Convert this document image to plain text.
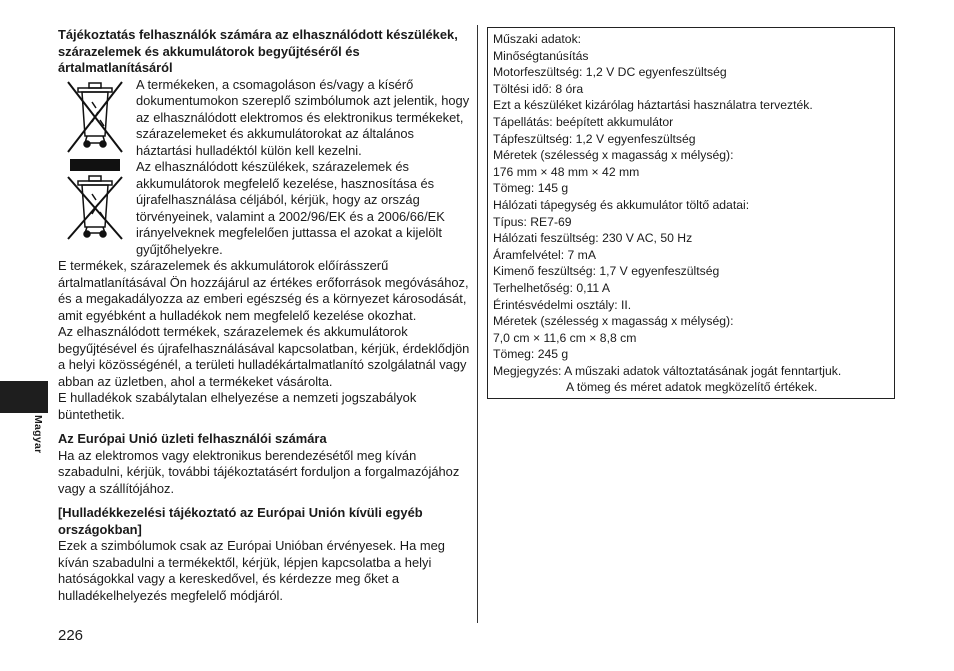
Tájékoztatás felhasználók számára az elhasználódott készülékek, szárazelemek és akkumulátorok begyűjtéséről és ártalmatlanításáról

A termékeken, a csomagoláson és/vagy a kísérő dokumentumokon szereplő szimbólumok azt jelentik, hogy az elhasználódott elektromos és elektronikus termékeket, szárazelemeket és akkumulátorokat az általános háztartási hulladéktól külön kell kezelni.

Az elhasználódott készülékek, szárazelemek és akkumulátorok megfelelő kezelése, hasznosítása és újrafelhasználása céljából, kérjük, hogy az ország törvényeinek, valamint a 2002/96/EK és a 2006/66/EK irányelveknek megfelelően juttassa el azokat a kijelölt gyűjtőhelyekre.

E termékek, szárazelemek és akkumulátorok előírásszerű ártalmatlanításával Ön hozzájárul az értékes erőforrások megóvásához, és a megakadályozza az emberi egészség és a környezet károsodását, amit egyébként a hulladékok nem megfelelő kezelése okozhat.

Az elhasználódott termékek, szárazelemek és akkumulátorok begyűjtésével és újrafelhasználásával kapcsolatban, kérjük, érdeklődjön a helyi közösségénél, a területi hulladékártalmatlanító szolgálatnál vagy abban az üzletben, ahol a termékeket vásárolta.

E hulladékok szabálytalan elhelyezése a nemzeti jogszabályok büntethetik.

Az Európai Unió üzleti felhasználói számára

Ha az elektromos vagy elektronikus berendezésétől meg kíván szabadulni, kérjük, további tájékoztatásért forduljon a forgalmazójához vagy a szállítójához.

[Hulladékkezelési tájékoztató az Európai Unión kívüli egyéb országokban]

Ezek a szimbólumok csak az Európai Unióban érvényesek. Ha meg kíván szabadulni a termékektől, kérjük, lépjen kapcsolatba a helyi hatóságokkal vagy a kereskedővel, és kérdezze meg őket a hulladékelhelyezés megfelelő módjáról.

Műszaki adatok:
Minőségtanúsítás
Motorfeszültség: 1,2 V DC egyenfeszültség
Töltési idő: 8 óra
Ezt a készüléket kizárólag háztartási használatra tervezték.
Tápellátás: beépített akkumulátor
Tápfeszültség: 1,2 V egyenfeszültség
Méretek (szélesség x magasság x mélység):
176 mm × 48 mm × 42 mm
Tömeg: 145 g
Hálózati tápegység és akkumulátor töltő adatai:
Típus: RE7-69
Hálózati feszültség: 230 V AC, 50 Hz
Áramfelvétel: 7 mA
Kimenő feszültség: 1,7 V egyenfeszültség
Terhelhetőség: 0,11 A
Érintésvédelmi osztály: II.
Méretek (szélesség x magasság x mélység):
7,0 cm × 11,6 cm × 8,8 cm
Tömeg: 245 g
Megjegyzés: A műszaki adatok változtatásának jogát fenntartjuk.
A tömeg és méret adatok megközelítő értékek.
Magyar
226
